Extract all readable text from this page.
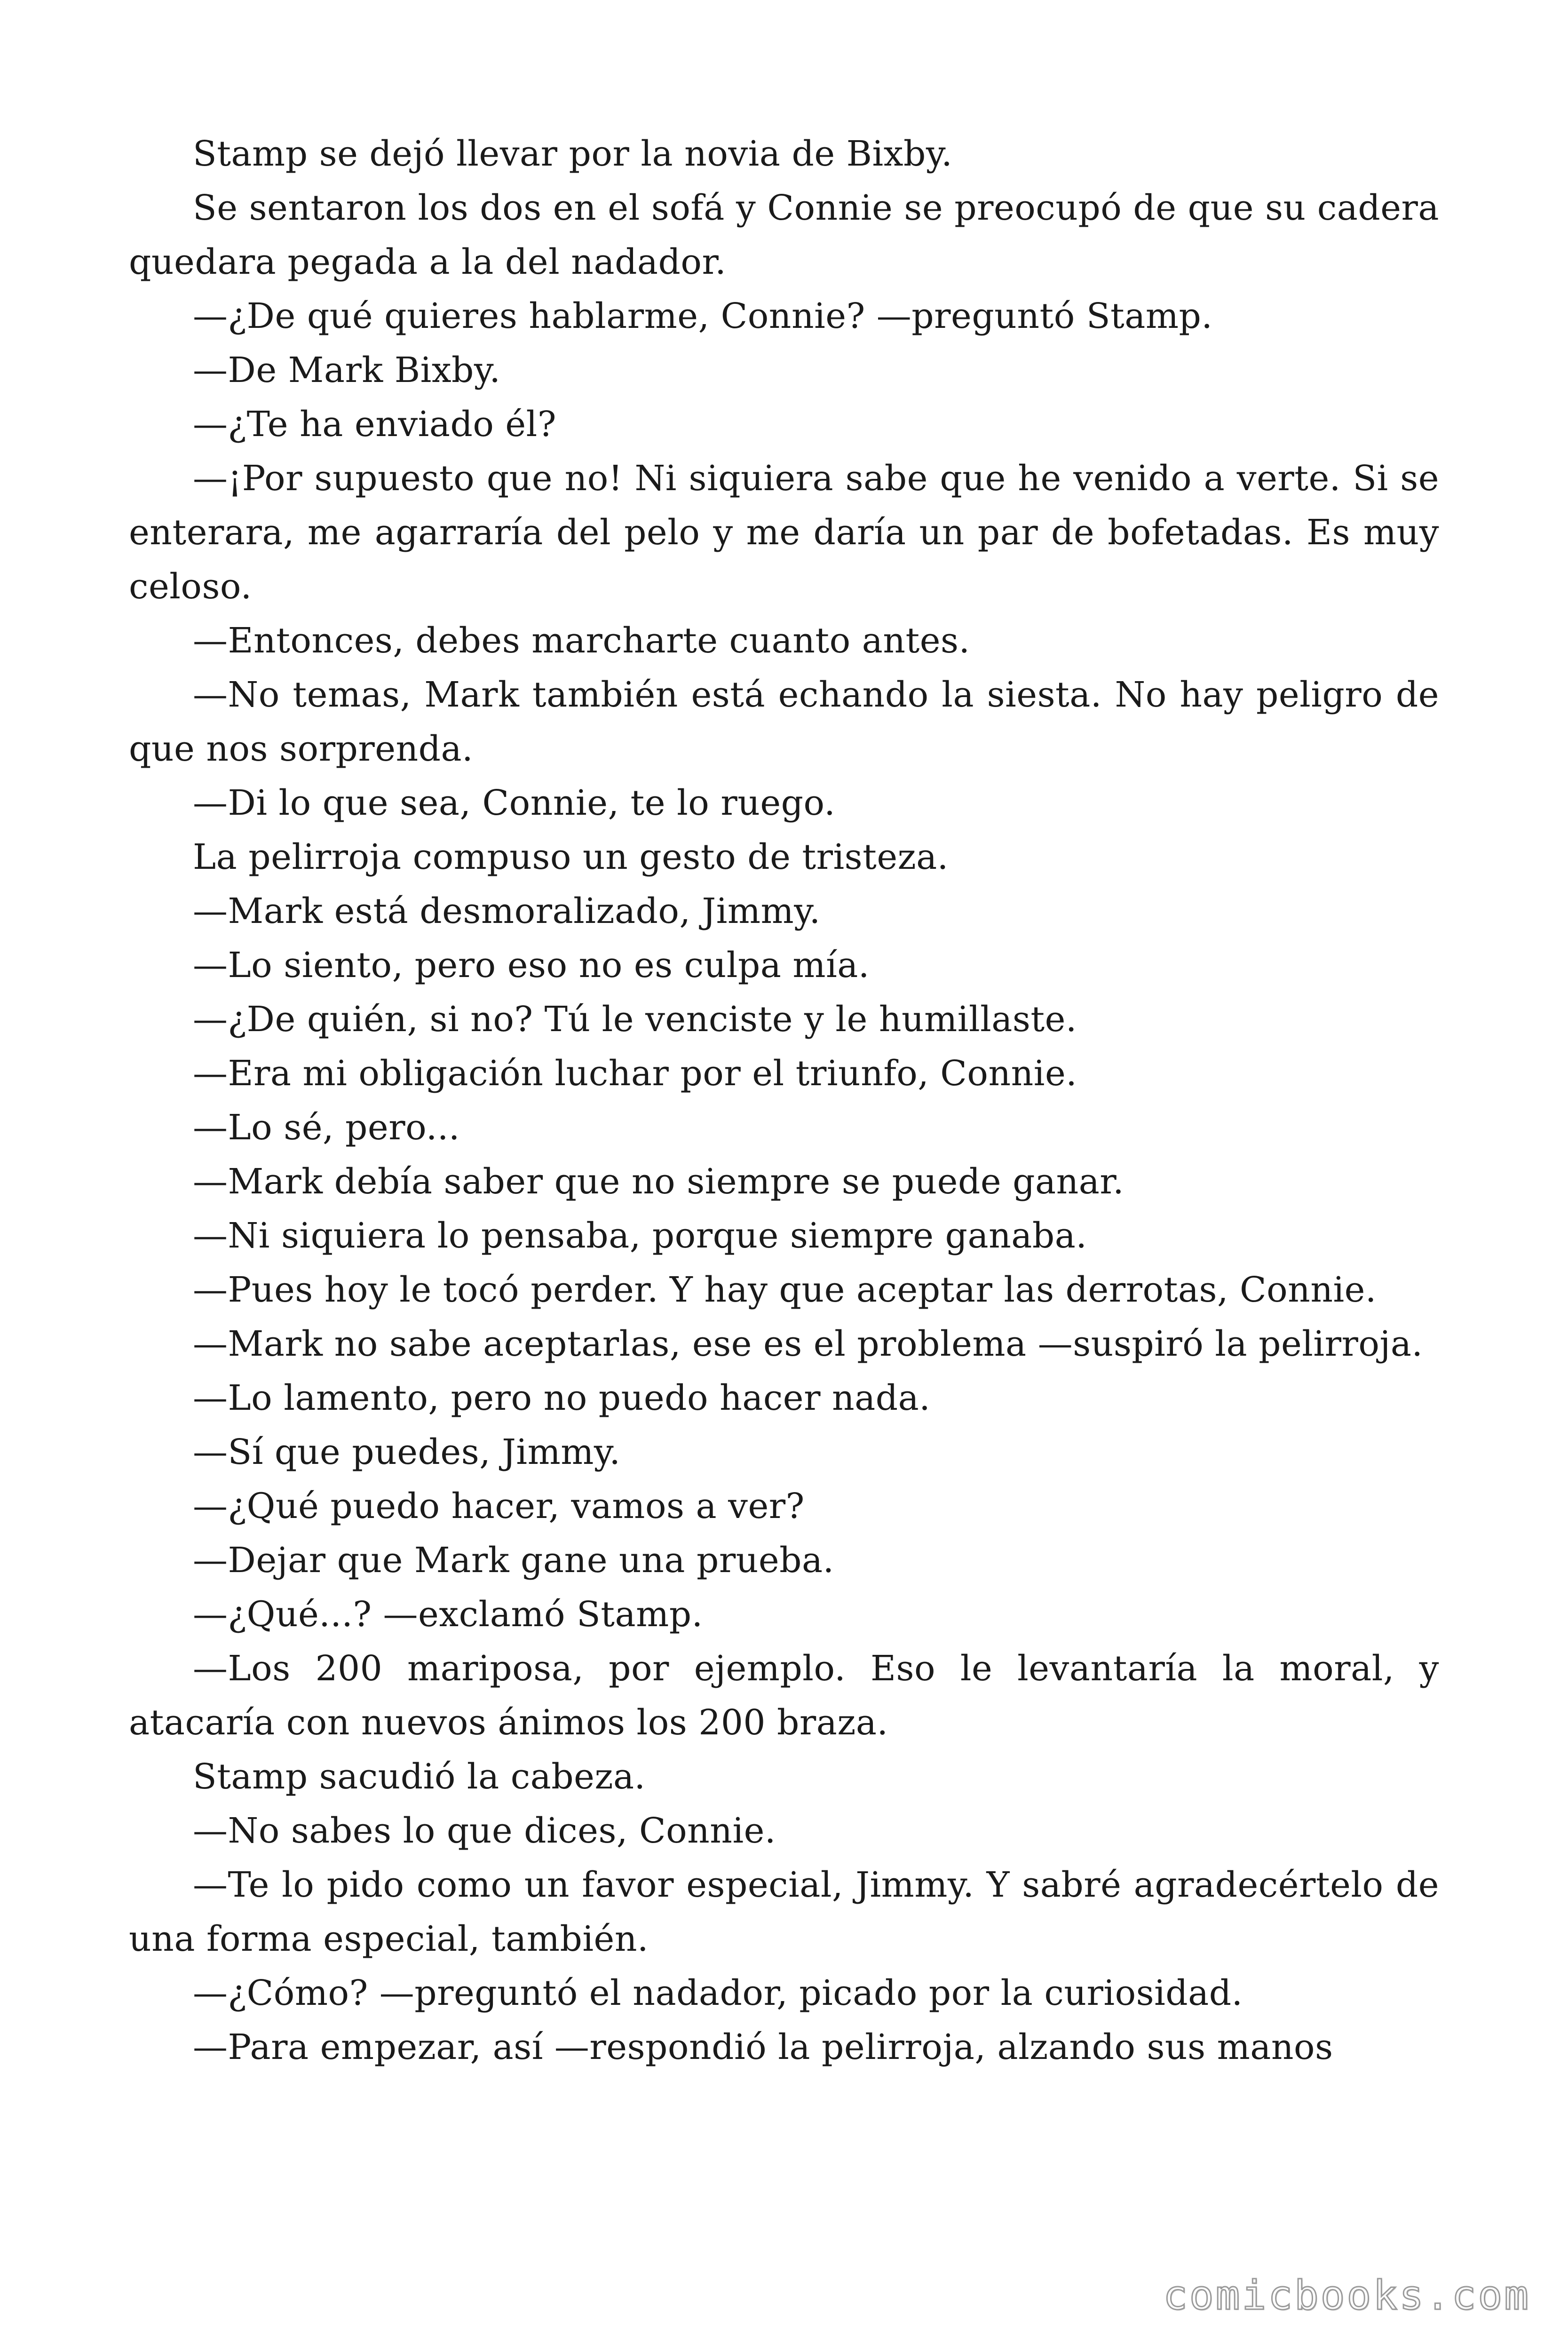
Stamp se dejó llevar por la novia de Bixby.

Se sentaron los dos en el sofá y Connie se preocupó de que su cadera quedara pegada a la del nadador.

—¿De qué quieres hablarme, Connie? —preguntó Stamp.

—De Mark Bixby.

—¿Te ha enviado él?

—¡Por supuesto que no! Ni siquiera sabe que he venido a verte. Si se enterara, me agarraría del pelo y me daría un par de bofetadas. Es muy celoso.

—Entonces, debes marcharte cuanto antes.

—No temas, Mark también está echando la siesta. No hay peligro de que nos sorprenda.

—Di lo que sea, Connie, te lo ruego.

La pelirroja compuso un gesto de tristeza.

—Mark está desmoralizado, Jimmy.

—Lo siento, pero eso no es culpa mía.

—¿De quién, si no? Tú le venciste y le humillaste.

—Era mi obligación luchar por el triunfo, Connie.

—Lo sé, pero...

—Mark debía saber que no siempre se puede ganar.

—Ni siquiera lo pensaba, porque siempre ganaba.

—Pues hoy le tocó perder. Y hay que aceptar las derrotas, Connie.

—Mark no sabe aceptarlas, ese es el problema —suspiró la pelirroja.

—Lo lamento, pero no puedo hacer nada.

—Sí que puedes, Jimmy.

—¿Qué puedo hacer, vamos a ver?

—Dejar que Mark gane una prueba.

—¿Qué...? —exclamó Stamp.

—Los 200 mariposa, por ejemplo. Eso le levantaría la moral, y atacaría con nuevos ánimos los 200 braza.

Stamp sacudió la cabeza.

—No sabes lo que dices, Connie.

—Te lo pido como un favor especial, Jimmy. Y sabré agradecértelo de una forma especial, también.

—¿Cómo? —preguntó el nadador, picado por la curiosidad.

—Para empezar, así —respondió la pelirroja, alzando sus manos

comicbooks.com
